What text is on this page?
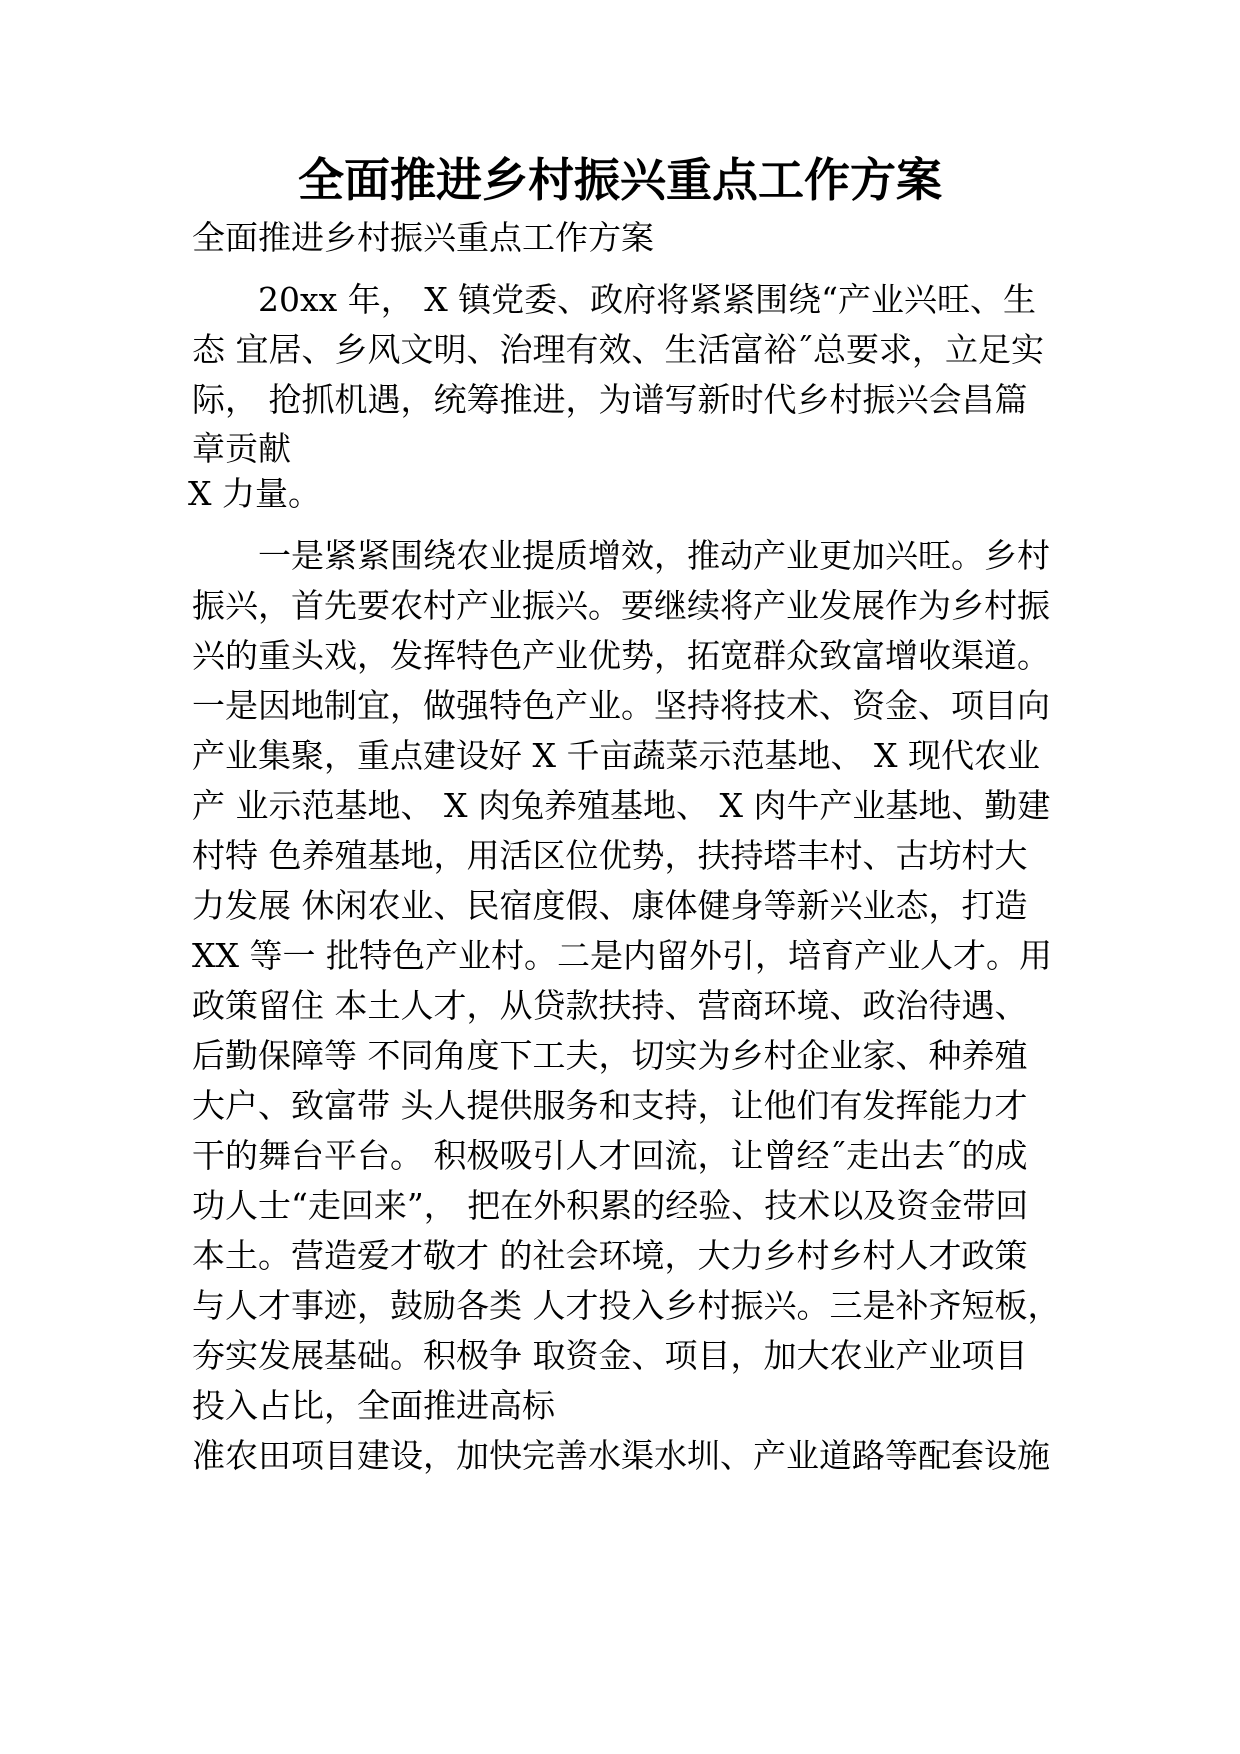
全面推进乡村振兴重点工作方案

全面推进乡村振兴重点工作方案

20xx 年， X 镇党委、政府将紧紧围绕“产业兴旺、生

态 宜居、乡风文明、治理有效、生活富裕˝总要求，立足实

际， 抢抓机遇，统筹推进，为谱写新时代乡村振兴会昌篇

章贡献

X 力量。

一是紧紧围绕农业提质增效，推动产业更加兴旺。乡村

振兴，首先要农村产业振兴。要继续将产业发展作为乡村振

兴的重头戏，发挥特色产业优势，拓宽群众致富增收渠道。

一是因地制宜，做强特色产业。坚持将技术、资金、项目向

产业集聚，重点建设好 X 千亩蔬菜示范基地、 X 现代农业

产 业示范基地、 X 肉兔养殖基地、 X 肉牛产业基地、勤建

村特 色养殖基地，用活区位优势，扶持塔丰村、古坊村大

力发展 休闲农业、民宿度假、康体健身等新兴业态，打造

XX 等一 批特色产业村。二是内留外引，培育产业人才。用

政策留住 本土人才，从贷款扶持、营商环境、政治待遇、

后勤保障等 不同角度下工夫，切实为乡村企业家、种养殖

大户、致富带 头人提供服务和支持，让他们有发挥能力才

干的舞台平台。 积极吸引人才回流，让曾经˝走出去˝的成

功人士“走回来”， 把在外积累的经验、技术以及资金带回

本土。营造爱才敬才 的社会环境，大力乡村乡村人才政策

与人才事迹，鼓励各类 人才投入乡村振兴。三是补齐短板，

夯实发展基础。积极争 取资金、项目，加大农业产业项目

投入占比，全面推进高标

准农田项目建设，加快完善水渠水圳、产业道路等配套设施
